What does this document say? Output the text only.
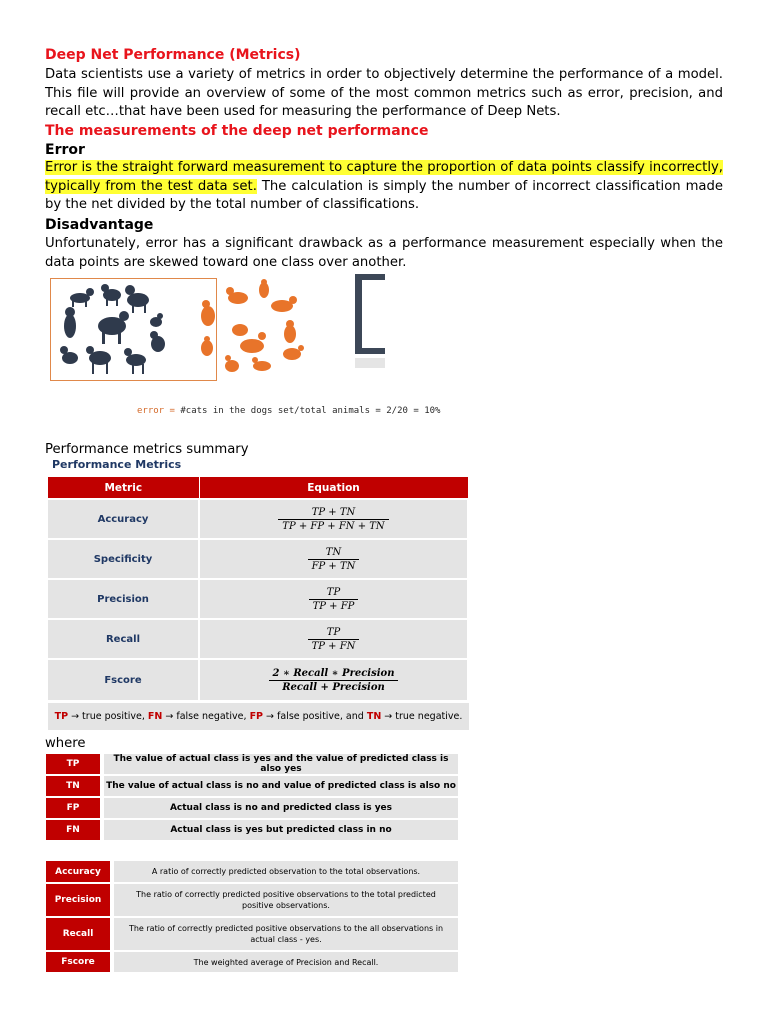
Deep Net Performance (Metrics)
Data scientists use a variety of metrics in order to objectively determine the performance of a model. This file will provide an overview of some of the most common metrics such as error, precision, and recall etc…that have been used for measuring the performance of Deep Nets.
The measurements of the deep net performance
Error
Error is the straight forward measurement to capture the proportion of data points classify incorrectly, typically from the test data set. The calculation is simply the number of incorrect classification made by the net divided by the total number of classifications.
Disadvantage
Unfortunately, error has a significant drawback as a performance measurement especially when the data points are skewed toward one class over another.
error = #cats in the dogs set/total animals = 2/20 = 10%
Performance metrics summary
Performance Metrics
Metric	Equation
Accuracy	$\frac{TP + TN}{TP + FP + FN + TN}$

Specificity	$\frac{TN}{FP + TN}$

Precision	$\frac{TP}{TP + FP}$

Recall	$\frac{TP}{TP + FN}$

Fscore	$\frac{\text{2 ∗ Recall ∗ Precision}}{\text{Recall + Precision}}$
TP → true positive, FN → false negative, FP → false positive, and TN → true negative.
where
TP	The value of actual class is yes and the value of predicted class is also yes
TN	The value of actual class is no and value of predicted class is also no
FP	Actual class is no and predicted class is yes
FN	Actual class is yes but predicted class in no
Accuracy	A ratio of correctly predicted observation to the total observations.
Precision	The ratio of correctly predicted positive observations to the total predicted positive observations.
Recall	The ratio of correctly predicted positive observations to the all observations in actual class - yes.
Fscore	The weighted average of Precision and Recall.
